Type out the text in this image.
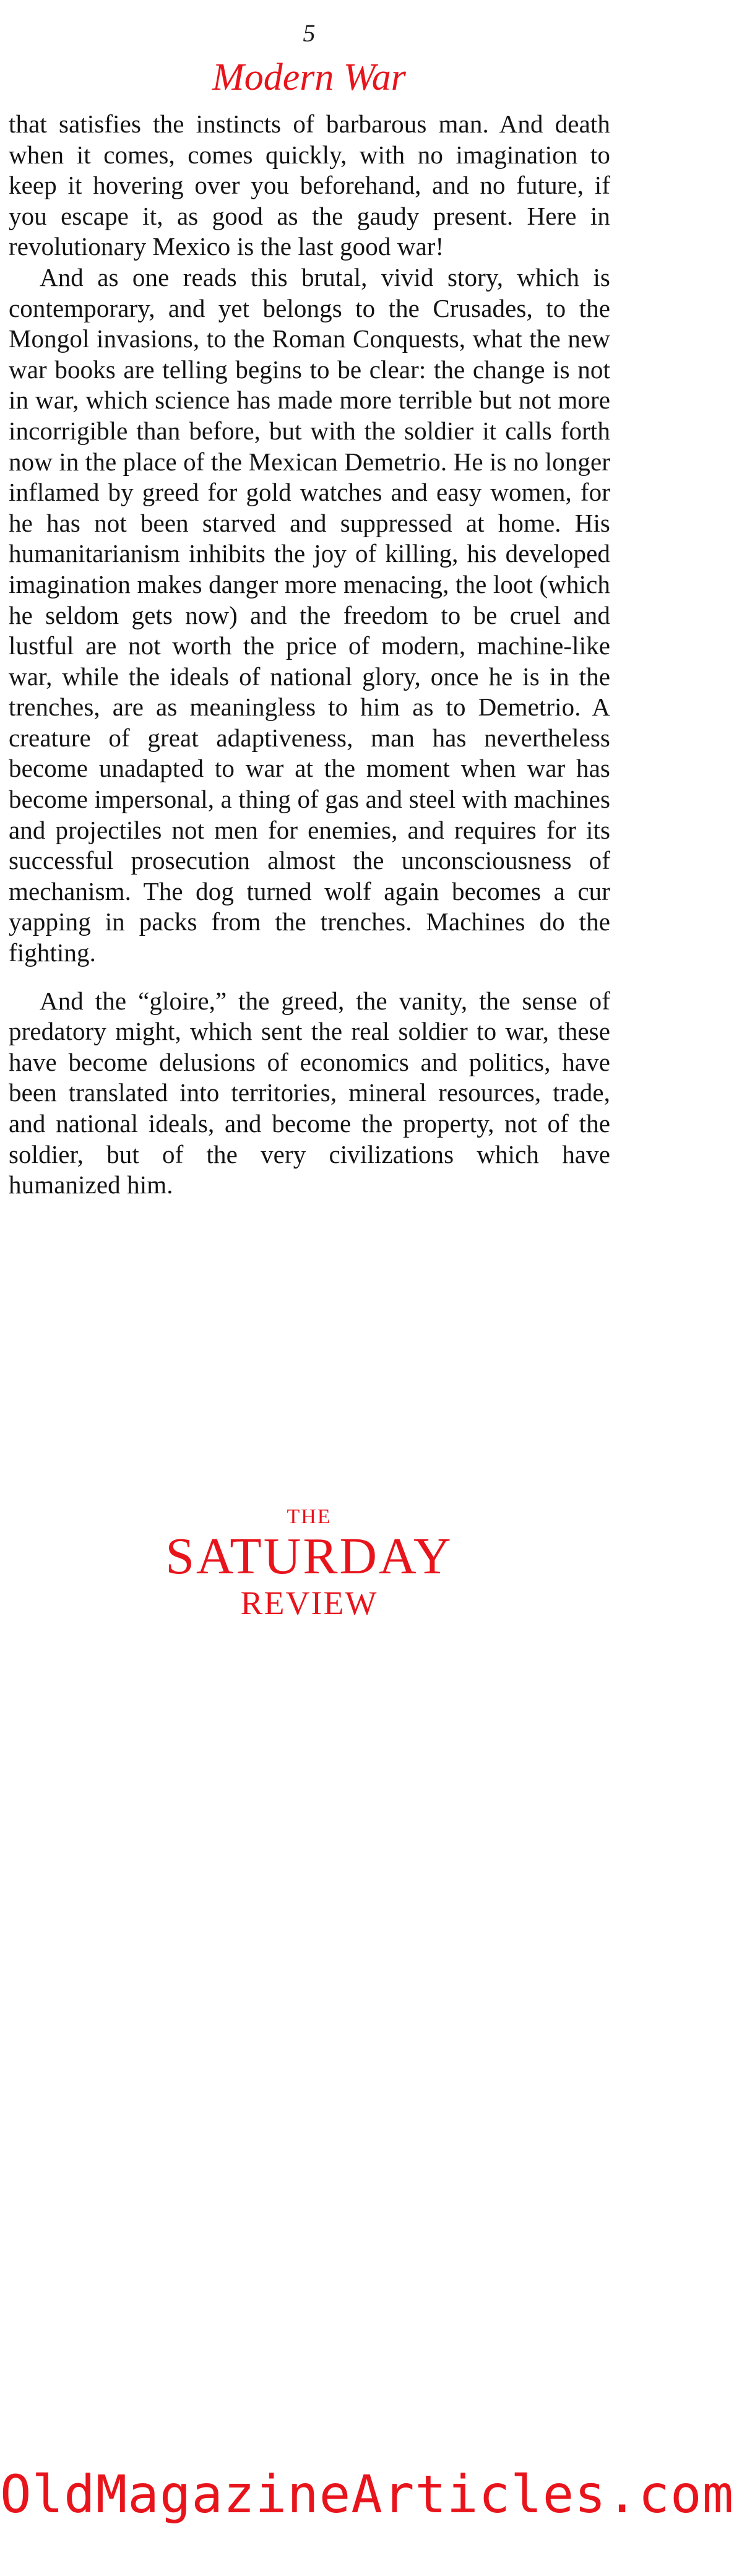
5
Modern War

that satisfies the instincts of barbarous man. And death when it comes, comes quickly, with no imagination to keep it hovering over you beforehand, and no future, if you escape it, as good as the gaudy present. Here in revolutionary Mexico is the last good war!

And as one reads this brutal, vivid story, which is contemporary, and yet belongs to the Crusades, to the Mongol invasions, to the Roman Conquests, what the new war books are telling begins to be clear: the change is not in war, which science has made more terrible but not more incorrigible than before, but with the soldier it calls forth now in the place of the Mexican Demetrio. He is no longer inflamed by greed for gold watches and easy women, for he has not been starved and suppressed at home. His humanitarianism inhibits the joy of killing, his developed imagination makes danger more menacing, the loot (which he seldom gets now) and the freedom to be cruel and lustful are not worth the price of modern, machine-like war, while the ideals of national glory, once he is in the trenches, are as meaningless to him as to Demetrio. A creature of great adaptiveness, man has nevertheless become unadapted to war at the moment when war has become impersonal, a thing of gas and steel with machines and projectiles not men for enemies, and requires for its successful prosecution almost the unconsciousness of mechanism. The dog turned wolf again becomes a cur yapping in packs from the trenches. Machines do the fighting.

And the “gloire,” the greed, the vanity, the sense of predatory might, which sent the real soldier to war, these have become delusions of economics and politics, have been translated into territories, mineral resources, trade, and national ideals, and become the property, not of the soldier, but of the very civilizations which have humanized him.

THE
SATURDAY
REVIEW
OldMagazineArticles.com
